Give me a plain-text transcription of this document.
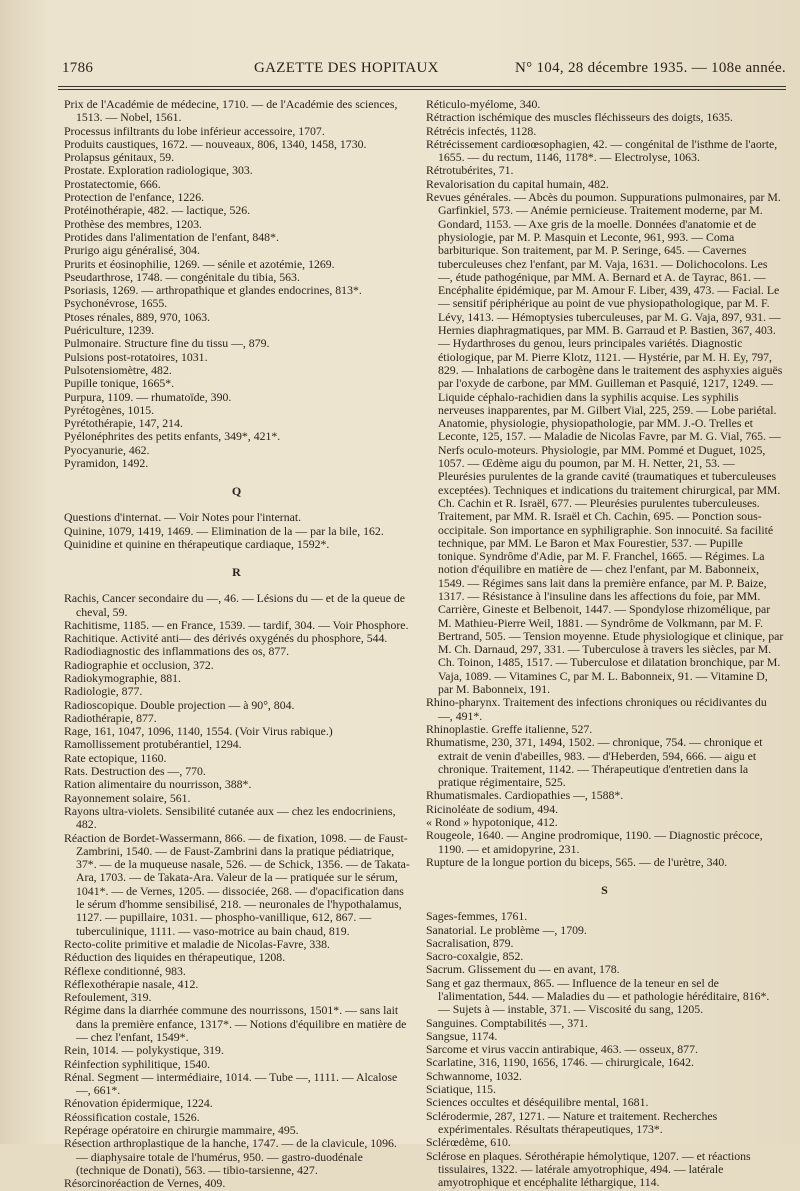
1786	GAZETTE DES HOPITAUX	N° 104, 28 décembre 1935. — 108e année.

Prix de l'Académie de médecine, 1710. — de l'Académie des sciences, 1513. — Nobel, 1561.

Processus infiltrants du lobe inférieur accessoire, 1707.

Produits caustiques, 1672. — nouveaux, 806, 1340, 1458, 1730.

Prolapsus génitaux, 59.

Prostate. Exploration radiologique, 303.

Prostatectomie, 666.

Protection de l'enfance, 1226.

Protéinothérapie, 482. — lactique, 526.

Prothèse des membres, 1203.

Protides dans l'alimentation de l'enfant, 848*.

Prurigo aigu généralisé, 304.

Prurits et éosinophilie, 1269. — sénile et azotémie, 1269.

Pseudarthrose, 1748. — congénitale du tibia, 563.

Psoriasis, 1269. — arthropathique et glandes endocrines, 813*.

Psychonévrose, 1655.

Ptoses rénales, 889, 970, 1063.

Puériculture, 1239.

Pulmonaire. Structure fine du tissu —, 879.

Pulsions post-rotatoires, 1031.

Pulsotensiomètre, 482.

Pupille tonique, 1665*.

Purpura, 1109. — rhumatoïde, 390.

Pyrétogènes, 1015.

Pyrétothérapie, 147, 214.

Pyélonéphrites des petits enfants, 349*, 421*.

Pyocyanurie, 462.

Pyramidon, 1492.

Q

Questions d'internat. — Voir Notes pour l'internat.

Quinine, 1079, 1419, 1469. — Elimination de la — par la bile, 162.

Quinidine et quinine en thérapeutique cardiaque, 1592*.

R

Rachis, Cancer secondaire du —, 46. — Lésions du — et de la queue de cheval, 59.

Rachitisme, 1185. — en France, 1539. — tardif, 304. — Voir Phosphore.

Rachitique. Activité anti— des dérivés oxygénés du phosphore, 544.

Radiodiagnostic des inflammations des os, 877.

Radiographie et occlusion, 372.

Radiokymographie, 881.

Radiologie, 877.

Radioscopique. Double projection — à 90°, 804.

Radiothérapie, 877.

Rage, 161, 1047, 1096, 1140, 1554. (Voir Virus rabique.)

Ramollissement protubérantiel, 1294.

Rate ectopique, 1160.

Rats. Destruction des —, 770.

Ration alimentaire du nourrisson, 388*.

Rayonnement solaire, 561.

Rayons ultra-violets. Sensibilité cutanée aux — chez les endocriniens, 482.

Réaction de Bordet-Wassermann, 866. — de fixation, 1098. — de Faust-Zambrini, 1540. — de Faust-Zambrini dans la pratique pédiatrique, 37*. — de la muqueuse nasale, 526. — de Schick, 1356. — de Takata-Ara, 1703. — de Takata-Ara. Valeur de la — pratiquée sur le sérum, 1041*. — de Vernes, 1205. — dissociée, 268. — d'opacification dans le sérum d'homme sensibilisé, 218. — neuronales de l'hypothalamus, 1127. — pupillaire, 1031. — phospho-vanillique, 612, 867. — tuberculinique, 1111. — vaso-motrice au bain chaud, 819.

Recto-colite primitive et maladie de Nicolas-Favre, 338.

Réduction des liquides en thérapeutique, 1208.

Réflexe conditionné, 983.

Réflexothérapie nasale, 412.

Refoulement, 319.

Régime dans la diarrhée commune des nourrissons, 1501*. — sans lait dans la première enfance, 1317*. — Notions d'équilibre en matière de — chez l'enfant, 1549*.

Rein, 1014. — polykystique, 319.

Réinfection syphilitique, 1540.

Rénal. Segment — intermédiaire, 1014. — Tube —, 1111. — Alcalose —, 661*.

Rénovation épidermique, 1224.

Réossification costale, 1526.

Repérage opératoire en chirurgie mammaire, 495.

Résection arthroplastique de la hanche, 1747. — de la clavicule, 1096. — diaphysaire totale de l'humérus, 950. — gastro-duodénale (technique de Donati), 563. — tibio-tarsienne, 427.

Résorcinoréaction de Vernes, 409.

Réticulo-myélome, 340.

Rétraction ischémique des muscles fléchisseurs des doigts, 1635.

Rétrécis infectés, 1128.

Rétrécissement cardioœsophagien, 42. — congénital de l'isthme de l'aorte, 1655. — du rectum, 1146, 1178*. — Electrolyse, 1063.

Rétrotubérites, 71.

Revalorisation du capital humain, 482.

Revues générales. — Abcès du poumon. Suppurations pulmonaires, par M. Garfinkiel, 573. — Anémie pernicieuse. Traitement moderne, par M. Gondard, 1153. — Axe gris de la moelle. Données d'anatomie et de physiologie, par M. P. Masquin et Leconte, 961, 993. — Coma barbiturique. Son traitement, par M. P. Seringe, 645. — Cavernes tuberculeuses chez l'enfant, par M. Vaja, 1631. — Dolichocolons. Les —, étude pathogénique, par MM. A. Bernard et A. de Tayrac, 861. — Encéphalite épidémique, par M. Amour F. Liber, 439, 473. — Facial. Le — sensitif périphérique au point de vue physiopathologique, par M. F. Lévy, 1413. — Hémoptysies tuberculeuses, par M. G. Vaja, 897, 931. — Hernies diaphragmatiques, par MM. B. Garraud et P. Bastien, 367, 403. — Hydarthroses du genou, leurs principales variétés. Diagnostic étiologique, par M. Pierre Klotz, 1121. — Hystérie, par M. H. Ey, 797, 829. — Inhalations de carbogène dans le traitement des asphyxies aiguës par l'oxyde de carbone, par MM. Guilleman et Pasquié, 1217, 1249. — Liquide céphalo-rachidien dans la syphilis acquise. Les syphilis nerveuses inapparentes, par M. Gilbert Vial, 225, 259. — Lobe pariétal. Anatomie, physiologie, physiopathologie, par MM. J.-O. Trelles et Leconte, 125, 157. — Maladie de Nicolas Favre, par M. G. Vial, 765. — Nerfs oculo-moteurs. Physiologie, par MM. Pommé et Duguet, 1025, 1057. — Œdème aigu du poumon, par M. H. Netter, 21, 53. — Pleurésies purulentes de la grande cavité (traumatiques et tuberculeuses exceptées). Techniques et indications du traitement chirurgical, par MM. Ch. Cachin et R. Israël, 677. — Pleurésies purulentes tuberculeuses. Traitement, par MM. R. Israël et Ch. Cachin, 695. — Ponction sous-occipitale. Son importance en syphiligraphie. Son innocuité. Sa facilité technique, par MM. Le Baron et Max Fourestier, 537. — Pupille tonique. Syndrôme d'Adie, par M. F. Franchel, 1665. — Régimes. La notion d'équilibre en matière de — chez l'enfant, par M. Babonneix, 1549. — Régimes sans lait dans la première enfance, par M. P. Baize, 1317. — Résistance à l'insuline dans les affections du foie, par MM. Carrière, Gineste et Belbenoit, 1447. — Spondylose rhizomélique, par M. Mathieu-Pierre Weil, 1881. — Syndrôme de Volkmann, par M. F. Bertrand, 505. — Tension moyenne. Etude physiologique et clinique, par M. Ch. Darnaud, 297, 331. — Tuberculose à travers les siècles, par M. Ch. Toinon, 1485, 1517. — Tuberculose et dilatation bronchique, par M. Vaja, 1089. — Vitamines C, par M. L. Babonneix, 91. — Vitamine D, par M. Babonneix, 191.

Rhino-pharynx. Traitement des infections chroniques ou récidivantes du —, 491*.

Rhinoplastie. Greffe italienne, 527.

Rhumatisme, 230, 371, 1494, 1502. — chronique, 754. — chronique et extrait de venin d'abeilles, 983. — d'Heberden, 594, 666. — aigu et chronique. Traitement, 1142. — Thérapeutique d'entretien dans la pratique régimentaire, 525.

Rhumatismales. Cardiopathies —, 1588*.

Ricinoléate de sodium, 494.

« Rond » hypotonique, 412.

Rougeole, 1640. — Angine prodromique, 1190. — Diagnostic précoce, 1190. — et amidopyrine, 231.

Rupture de la longue portion du biceps, 565. — de l'urètre, 340.

S

Sages-femmes, 1761.

Sanatorial. Le problème —, 1709.

Sacralisation, 879.

Sacro-coxalgie, 852.

Sacrum. Glissement du — en avant, 178.

Sang et gaz thermaux, 865. — Influence de la teneur en sel de l'alimentation, 544. — Maladies du — et pathologie héréditaire, 816*. — Sujets à — instable, 371. — Viscosité du sang, 1205.

Sanguines. Comptabilités —, 371.

Sangsue, 1174.

Sarcome et virus vaccin antirabique, 463. — osseux, 877.

Scarlatine, 316, 1190, 1656, 1746. — chirurgicale, 1642.

Schwannome, 1032.

Sciatique, 115.

Sciences occultes et déséquilibre mental, 1681.

Sclérodermie, 287, 1271. — Nature et traitement. Recherches expérimentales. Résultats thérapeutiques, 173*.

Sclérœdème, 610.

Sclérose en plaques. Sérothérapie hémolytique, 1207. — et réactions tissulaires, 1322. — latérale amyotrophique, 494. — latérale amyotrophique et encéphalite léthargique, 114.
